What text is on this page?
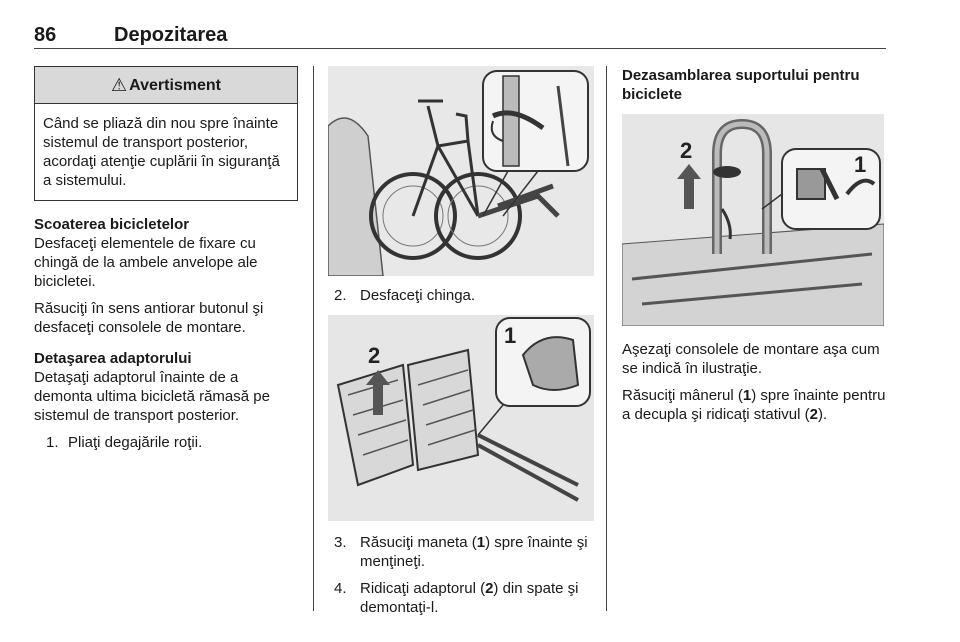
86	Depozitarea
⚠ Avertisment
Când se pliază din nou spre înainte sistemul de transport posterior, acordaţi atenţie cuplării în siguranţă a sistemului.

Scoaterea bicicletelor

Desfaceţi elementele de fixare cu chingă de la ambele anvelope ale bicicletei.

Răsuciţi în sens antiorar butonul şi desfaceţi consolele de montare.

Detaşarea adaptorului

Detaşaţi adaptorul înainte de a demonta ultima bicicletă rămasă pe sistemul de transport posterior.

1. Pliaţi degajările roţii.
2. Desfaceţi chinga.
2
1
3. Răsuciţi maneta (1) spre înainte şi menţineţi.
4. Ridicaţi adaptorul (2) din spate şi demontaţi-l.

Dezasamblarea suportului pentru biciclete

2
1

Aşezaţi consolele de montare aşa cum se indică în ilustraţie.

Răsuciţi mânerul (1) spre înainte pentru a decupla şi ridicaţi stativul (2).
